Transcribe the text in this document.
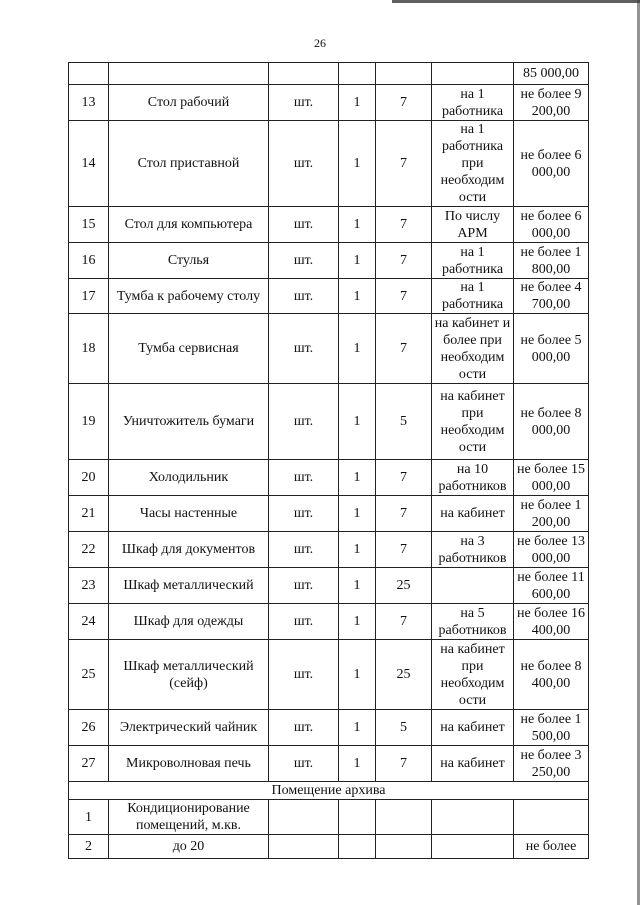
26
						85 000,00
13	Стол рабочий	шт.	1	7	на 1 работника	не более 9 200,00
14	Стол приставной	шт.	1	7	на 1 работника при необходим ости	не более 6 000,00
15	Стол для компьютера	шт.	1	7	По числу АРМ	не более 6 000,00
16	Стулья	шт.	1	7	на 1 работника	не более 1 800,00
17	Тумба к рабочему столу	шт.	1	7	на 1 работника	не более 4 700,00
18	Тумба сервисная	шт.	1	7	на кабинет и более при необходим ости	не более 5 000,00
19	Уничтожитель бумаги	шт.	1	5	на кабинет при необходим ости	не более 8 000,00
20	Холодильник	шт.	1	7	на 10 работников	не более 15 000,00
21	Часы настенные	шт.	1	7	на кабинет	не более 1 200,00
22	Шкаф для документов	шт.	1	7	на 3 работников	не более 13 000,00
23	Шкаф металлический	шт.	1	25		не более 11 600,00
24	Шкаф для одежды	шт.	1	7	на 5 работников	не более 16 400,00
25	Шкаф металлический (сейф)	шт.	1	25	на кабинет при необходим ости	не более 8 400,00
26	Электрический чайник	шт.	1	5	на кабинет	не более 1 500,00
27	Микроволновая печь	шт.	1	7	на кабинет	не более 3 250,00
Помещение архива						
1	Кондиционирование помещений, м.кв.					
2	до 20					не более
